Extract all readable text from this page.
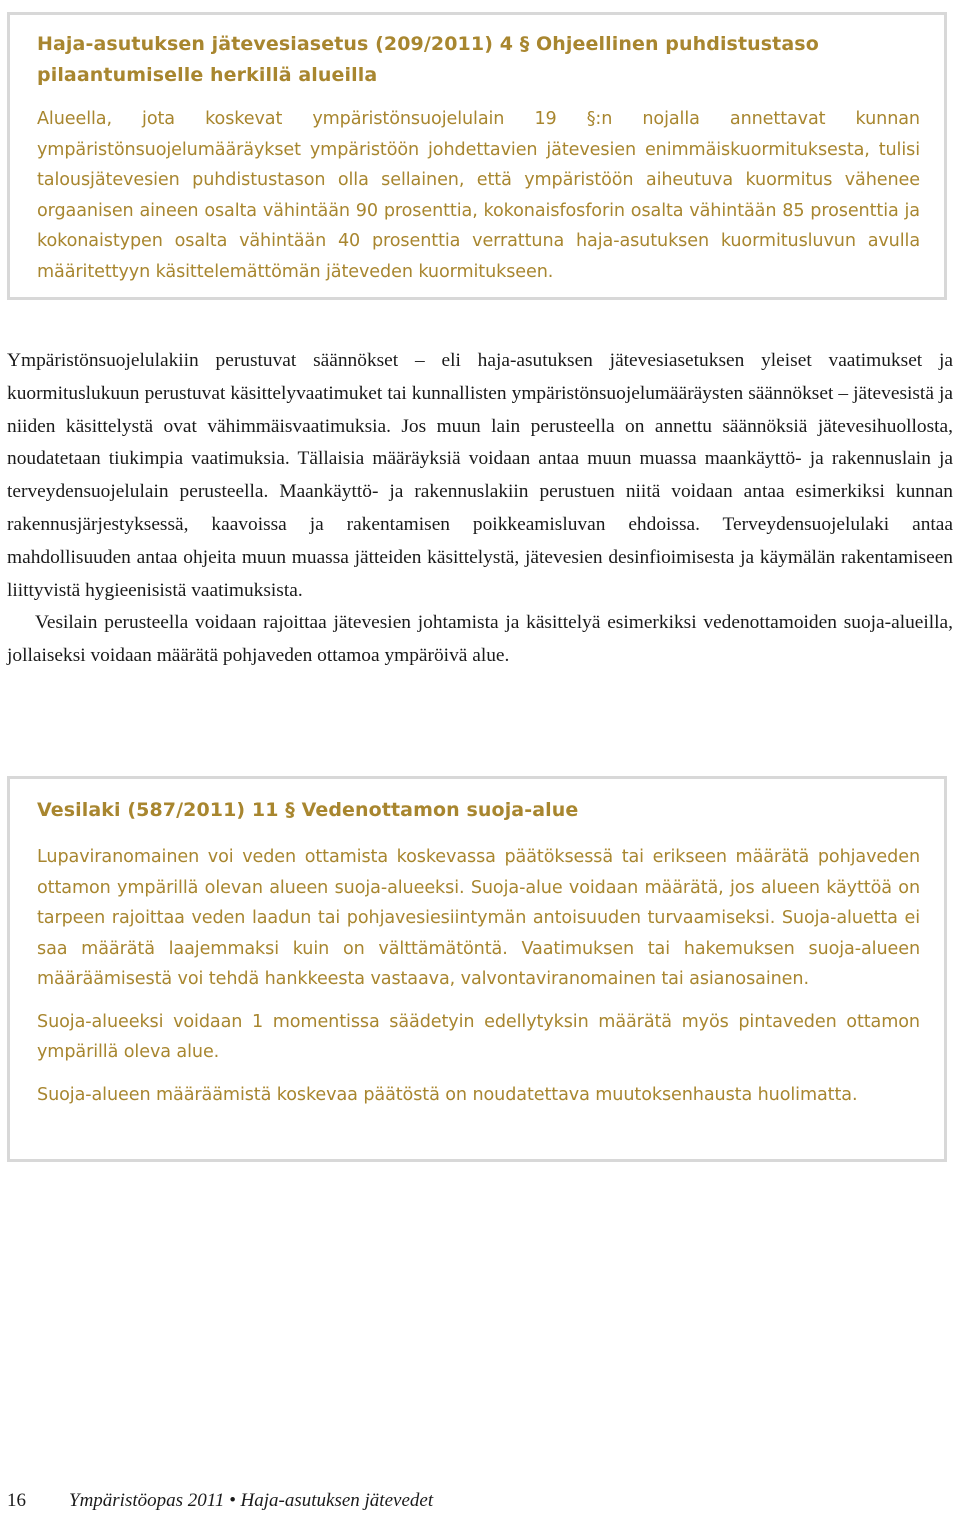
Haja-asutuksen jätevesiasetus (209/2011) 4 § Ohjeellinen puhdistustaso pilaantumiselle herkillä alueilla

Alueella, jota koskevat ympäristönsuojelulain 19 §:n nojalla annettavat kunnan ympäristönsuojelumääräykset ympäristöön johdettavien jätevesien enimmäiskuormituksesta, tulisi talousjätevesien puhdistustason olla sellainen, että ympäristöön aiheutuva kuormitus vähenee orgaanisen aineen osalta vähintään 90 prosenttia, kokonaisfosforin osalta vähintään 85 prosenttia ja kokonaistypen osalta vähintään 40 prosenttia verrattuna haja-asutuksen kuormitusluvun avulla määritettyyn käsittelemättömän jäteveden kuormitukseen.

Ympäristönsuojelulakiin perustuvat säännökset – eli haja-asutuksen jätevesiasetuksen yleiset vaatimukset ja kuormituslukuun perustuvat käsittelyvaatimuket tai kunnallisten ympäristönsuojelumääräysten säännökset – jätevesistä ja niiden käsittelystä ovat vähimmäisvaatimuksia. Jos muun lain perusteella on annettu säännöksiä jätevesihuollosta, noudatetaan tiukimpia vaatimuksia. Tällaisia määräyksiä voidaan antaa muun muassa maankäyttö- ja rakennuslain ja terveydensuojelulain perusteella. Maankäyttö- ja rakennuslakiin perustuen niitä voidaan antaa esimerkiksi kunnan rakennusjärjestyksessä, kaavoissa ja rakentamisen poikkeamisluvan ehdoissa. Terveydensuojelulaki antaa mahdollisuuden antaa ohjeita muun muassa jätteiden käsittelystä, jätevesien desinfioimisesta ja käymälän rakentamiseen liittyvistä hygieenisistä vaatimuksista.

Vesilain perusteella voidaan rajoittaa jätevesien johtamista ja käsittelyä esimerkiksi vedenottamoiden suoja-alueilla, jollaiseksi voidaan määrätä pohjaveden ottamoa ympäröivä alue.

Vesilaki (587/2011) 11 § Vedenottamon suoja-alue

Lupaviranomainen voi veden ottamista koskevassa päätöksessä tai erikseen määrätä pohjaveden ottamon ympärillä olevan alueen suoja-alueeksi. Suoja-alue voidaan määrätä, jos alueen käyttöä on tarpeen rajoittaa veden laadun tai pohjavesiesiintymän antoisuuden turvaamiseksi. Suoja-aluetta ei saa määrätä laajemmaksi kuin on välttämätöntä. Vaatimuksen tai hakemuksen suoja-alueen määräämisestä voi tehdä hankkeesta vastaava, valvontaviranomainen tai asianosainen.

Suoja-alueeksi voidaan 1 momentissa säädetyin edellytyksin määrätä myös pintaveden ottamon ympärillä oleva alue.

Suoja-alueen määräämistä koskevaa päätöstä on noudatettava muutoksenhausta huolimatta.

16 Ympäristöopas 2011 • Haja-asutuksen jätevedet
